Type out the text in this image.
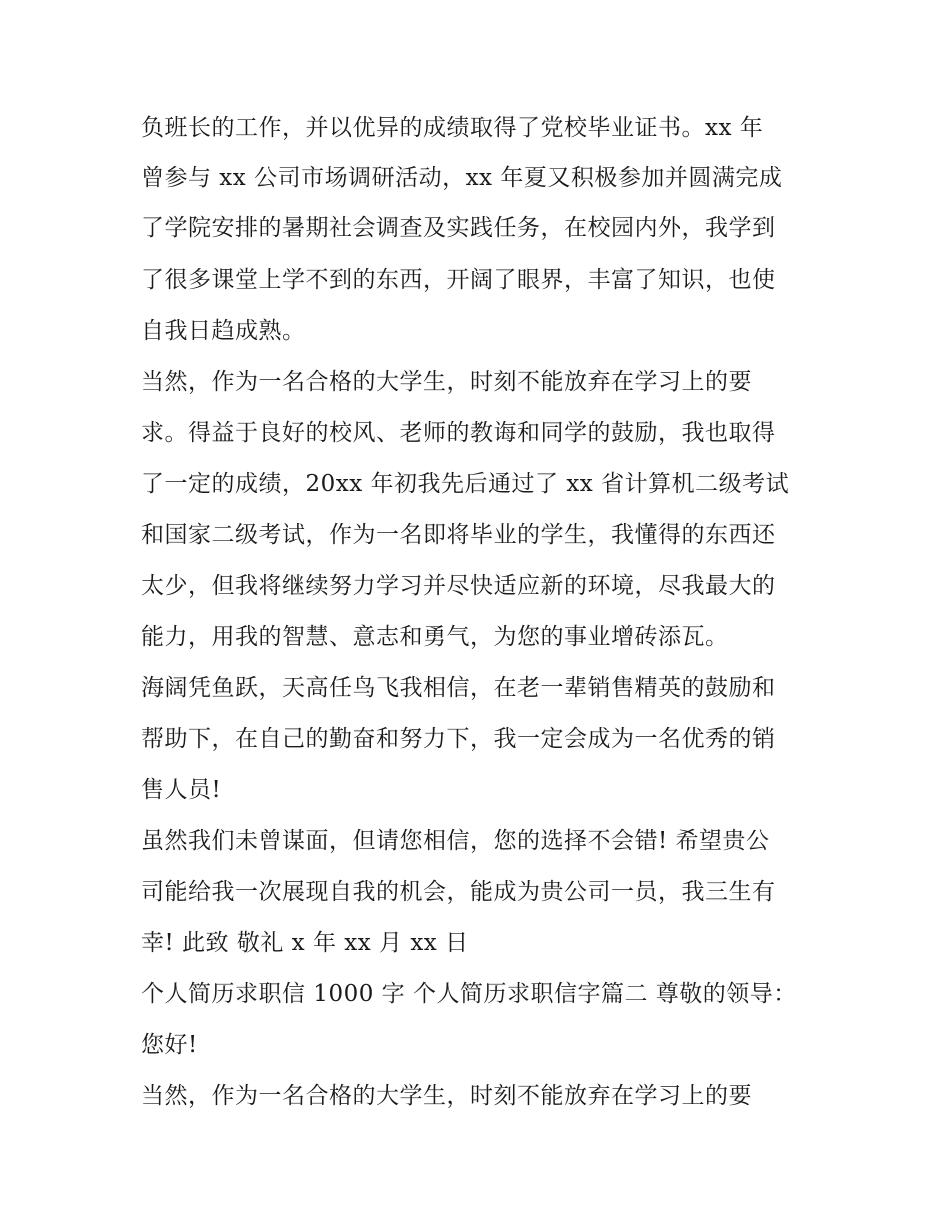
负班长的工作，并以优异的成绩取得了党校毕业证书。xx 年
曾参与 xx 公司市场调研活动，xx 年夏又积极参加并圆满完成
了学院安排的暑期社会调查及实践任务，在校园内外，我学到
了很多课堂上学不到的东西，开阔了眼界，丰富了知识，也使
自我日趋成熟。
当然，作为一名合格的大学生，时刻不能放弃在学习上的要
求。得益于良好的校风、老师的教诲和同学的鼓励，我也取得
了一定的成绩，20xx 年初我先后通过了 xx 省计算机二级考试
和国家二级考试，作为一名即将毕业的学生，我懂得的东西还
太少，但我将继续努力学习并尽快适应新的环境，尽我最大的
能力，用我的智慧、意志和勇气，为您的事业增砖添瓦。
海阔凭鱼跃，天高任鸟飞我相信，在老一辈销售精英的鼓励和
帮助下，在自己的勤奋和努力下，我一定会成为一名优秀的销
售人员!
虽然我们未曾谋面，但请您相信，您的选择不会错! 希望贵公
司能给我一次展现自我的机会，能成为贵公司一员，我三生有
幸! 此致 敬礼 x 年 xx 月 xx 日
个人简历求职信 1000 字 个人简历求职信字篇二 尊敬的领导：
您好!
当然，作为一名合格的大学生，时刻不能放弃在学习上的要
